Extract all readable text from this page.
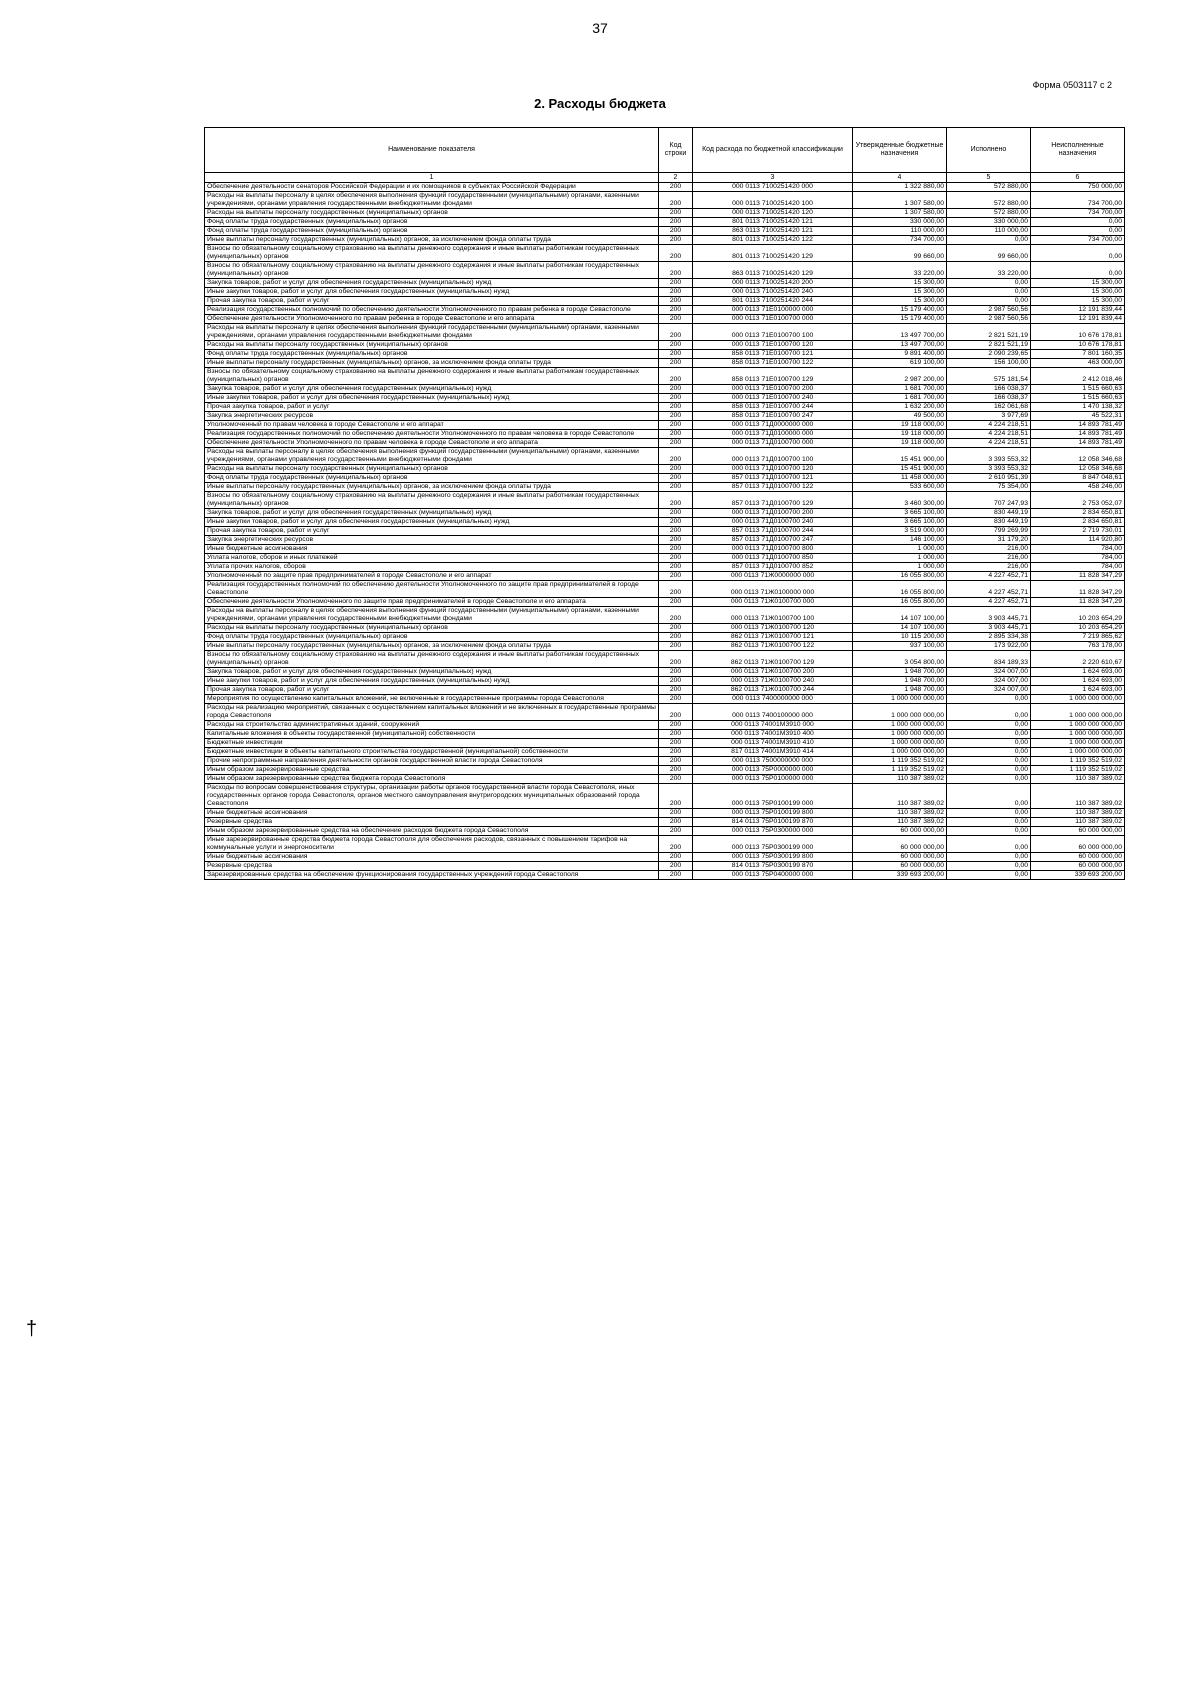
37
Форма 0503117 с 2
2. Расходы бюджета
†
Наименование показателя	Код строки	Код расхода по бюджетной классификации	Утвержденные бюджетные назначения	Исполнено	Неисполненные назначения
1	2	3	4	5	6
Обеспечение деятельности сенаторов Российской Федерации и их помощников в субъектах Российской Федерации	200	000 0113 7100251420 000	1 322 880,00	572 880,00	750 000,00
Расходы на выплаты персоналу в целях обеспечения выполнения функций государственными (муниципальными) органами, казенными учреждениями, органами управления государственными внебюджетными фондами	200	000 0113 7100251420 100	1 307 580,00	572 880,00	734 700,00
Расходы на выплаты персоналу государственных (муниципальных) органов	200	000 0113 7100251420 120	1 307 580,00	572 880,00	734 700,00
Фонд оплаты труда государственных (муниципальных) органов	200	801 0113 7100251420 121	330 000,00	330 000,00	0,00
Фонд оплаты труда государственных (муниципальных) органов	200	863 0113 7100251420 121	110 000,00	110 000,00	0,00
Иные выплаты персоналу государственных (муниципальных) органов, за исключением фонда оплаты труда	200	801 0113 7100251420 122	734 700,00	0,00	734 700,00
Взносы по обязательному социальному страхованию на выплаты денежного содержания и иные выплаты работникам государственных (муниципальных) органов	200	801 0113 7100251420 129	99 660,00	99 660,00	0,00
Взносы по обязательному социальному страхованию на выплаты денежного содержания и иные выплаты работникам государственных (муниципальных) органов	200	863 0113 7100251420 129	33 220,00	33 220,00	0,00
Закупка товаров, работ и услуг для обеспечения государственных (муниципальных) нужд	200	000 0113 7100251420 200	15 300,00	0,00	15 300,00
Иные закупки товаров, работ и услуг для обеспечения государственных (муниципальных) нужд	200	000 0113 7100251420 240	15 300,00	0,00	15 300,00
Прочая закупка товаров, работ и услуг	200	801 0113 7100251420 244	15 300,00	0,00	15 300,00
Реализация государственных полномочий по обеспечению деятельности Уполномоченного по правам ребенка в городе Севастополе	200	000 0113 71Е0100000 000	15 179 400,00	2 987 560,56	12 191 839,44
Обеспечение деятельности Уполномоченного по правам ребенка в городе Севастополе и его аппарата	200	000 0113 71Е0100700 000	15 179 400,00	2 987 560,56	12 191 839,44
Расходы на выплаты персоналу в целях обеспечения выполнения функций государственными (муниципальными) органами, казенными учреждениями, органами управления государственными внебюджетными фондами	200	000 0113 71Е0100700 100	13 497 700,00	2 821 521,19	10 676 178,81
Расходы на выплаты персоналу государственных (муниципальных) органов	200	000 0113 71Е0100700 120	13 497 700,00	2 821 521,19	10 676 178,81
Фонд оплаты труда государственных (муниципальных) органов	200	858 0113 71Е0100700 121	9 891 400,00	2 090 239,65	7 801 160,35
Иные выплаты персоналу государственных (муниципальных) органов, за исключением фонда оплаты труда	200	858 0113 71Е0100700 122	619 100,00	156 100,00	463 000,00
Взносы по обязательному социальному страхованию на выплаты денежного содержания и иные выплаты работникам государственных (муниципальных) органов	200	858 0113 71Е0100700 129	2 987 200,00	575 181,54	2 412 018,46
Закупка товаров, работ и услуг для обеспечения государственных (муниципальных) нужд	200	000 0113 71Е0100700 200	1 681 700,00	166 038,37	1 515 660,63
Иные закупки товаров, работ и услуг для обеспечения государственных (муниципальных) нужд	200	000 0113 71Е0100700 240	1 681 700,00	166 038,37	1 515 660,63
Прочая закупка товаров, работ и услуг	200	858 0113 71Е0100700 244	1 632 200,00	162 061,68	1 470 138,32
Закупка энергетических ресурсов	200	858 0113 71Е0100700 247	49 500,00	3 977,69	45 522,31
Уполномоченный по правам человека в городе Севастополе и его аппарат	200	000 0113 71Д0000000 000	19 118 000,00	4 224 218,51	14 893 781,49
Реализация государственных полномочий по обеспечению деятельности Уполномоченного по правам человека в городе Севастополе	200	000 0113 71Д0100000 000	19 118 000,00	4 224 218,51	14 893 781,49
Обеспечение деятельности Уполномоченного по правам человека в городе Севастополе и его аппарата	200	000 0113 71Д0100700 000	19 118 000,00	4 224 218,51	14 893 781,49
Расходы на выплаты персоналу в целях обеспечения выполнения функций государственными (муниципальными) органами, казенными учреждениями, органами управления государственными внебюджетными фондами	200	000 0113 71Д0100700 100	15 451 900,00	3 393 553,32	12 058 346,68
Расходы на выплаты персоналу государственных (муниципальных) органов	200	000 0113 71Д0100700 120	15 451 900,00	3 393 553,32	12 058 346,68
Фонд оплаты труда государственных (муниципальных) органов	200	857 0113 71Д0100700 121	11 458 000,00	2 610 951,39	8 847 048,61
Иные выплаты персоналу государственных (муниципальных) органов, за исключением фонда оплаты труда	200	857 0113 71Д0100700 122	533 600,00	75 354,00	458 246,00
Взносы по обязательному социальному страхованию на выплаты денежного содержания и иные выплаты работникам государственных (муниципальных) органов	200	857 0113 71Д0100700 129	3 460 300,00	707 247,93	2 753 052,07
Закупка товаров, работ и услуг для обеспечения государственных (муниципальных) нужд	200	000 0113 71Д0100700 200	3 665 100,00	830 449,19	2 834 650,81
Иные закупки товаров, работ и услуг для обеспечения государственных (муниципальных) нужд	200	000 0113 71Д0100700 240	3 665 100,00	830 449,19	2 834 650,81
Прочая закупка товаров, работ и услуг	200	857 0113 71Д0100700 244	3 519 000,00	799 269,99	2 719 730,01
Закупка энергетических ресурсов	200	857 0113 71Д0100700 247	146 100,00	31 179,20	114 920,80
Иные бюджетные ассигнования	200	000 0113 71Д0100700 800	1 000,00	216,00	784,00
Уплата налогов, сборов и иных платежей	200	000 0113 71Д0100700 850	1 000,00	216,00	784,00
Уплата прочих налогов, сборов	200	857 0113 71Д0100700 852	1 000,00	216,00	784,00
Уполномоченный по защите прав предпринимателей в городе Севастополе и его аппарат	200	000 0113 71Ж0000000 000	16 055 800,00	4 227 452,71	11 828 347,29
Реализация государственных полномочий по обеспечению деятельности Уполномоченного по защите прав предпринимателей в городе Севастополе	200	000 0113 71Ж0100000 000	16 055 800,00	4 227 452,71	11 828 347,29
Обеспечение деятельности Уполномоченного по защите прав предпринимателей в городе Севастополе и его аппарата	200	000 0113 71Ж0100700 000	16 055 800,00	4 227 452,71	11 828 347,29
Расходы на выплаты персоналу в целях обеспечения выполнения функций государственными (муниципальными) органами, казенными учреждениями, органами управления государственными внебюджетными фондами	200	000 0113 71Ж0100700 100	14 107 100,00	3 903 445,71	10 203 654,29
Расходы на выплаты персоналу государственных (муниципальных) органов	200	000 0113 71Ж0100700 120	14 107 100,00	3 903 445,71	10 203 654,29
Фонд оплаты труда государственных (муниципальных) органов	200	862 0113 71Ж0100700 121	10 115 200,00	2 895 334,38	7 219 865,62
Иные выплаты персоналу государственных (муниципальных) органов, за исключением фонда оплаты труда	200	862 0113 71Ж0100700 122	937 100,00	173 922,00	763 178,00
Взносы по обязательному социальному страхованию на выплаты денежного содержания и иные выплаты работникам государственных (муниципальных) органов	200	862 0113 71Ж0100700 129	3 054 800,00	834 189,33	2 220 610,67
Закупка товаров, работ и услуг для обеспечения государственных (муниципальных) нужд	200	000 0113 71Ж0100700 200	1 948 700,00	324 007,00	1 624 693,00
Иные закупки товаров, работ и услуг для обеспечения государственных (муниципальных) нужд	200	000 0113 71Ж0100700 240	1 948 700,00	324 007,00	1 624 693,00
Прочая закупка товаров, работ и услуг	200	862 0113 71Ж0100700 244	1 948 700,00	324 007,00	1 624 693,00
Мероприятия по осуществлению капитальных вложений, не включенные в государственные программы города Севастополя	200	000 0113 7400000000 000	1 000 000 000,00	0,00	1 000 000 000,00
Расходы на реализацию мероприятий, связанных с осуществлением капитальных вложений и не включенных в государственные программы города Севастополя	200	000 0113 7400100000 000	1 000 000 000,00	0,00	1 000 000 000,00
Расходы на строительство административных зданий, сооружений	200	000 0113 74001М3910 000	1 000 000 000,00	0,00	1 000 000 000,00
Капитальные вложения в объекты государственной (муниципальной) собственности	200	000 0113 74001М3910 400	1 000 000 000,00	0,00	1 000 000 000,00
Бюджетные инвестиции	200	000 0113 74001М3910 410	1 000 000 000,00	0,00	1 000 000 000,00
Бюджетные инвестиции в объекты капитального строительства государственной (муниципальной) собственности	200	817 0113 74001М3910 414	1 000 000 000,00	0,00	1 000 000 000,00
Прочие непрограммные направления деятельности органов государственной власти города Севастополя	200	000 0113 7500000000 000	1 119 352 519,02	0,00	1 119 352 519,02
Иным образом зарезервированные средства	200	000 0113 75Р0000000 000	1 119 352 519,02	0,00	1 119 352 519,02
Иным образом зарезервированные средства бюджета города Севастополя	200	000 0113 75Р0100000 000	110 387 389,02	0,00	110 387 389,02
Расходы по вопросам совершенствования структуры, организации работы органов государственной власти города Севастополя, иных государственных органов города Севастополя, органов местного самоуправления внутригородских муниципальных образований города Севастополя	200	000 0113 75Р0100199 000	110 387 389,02	0,00	110 387 389,02
Иные бюджетные ассигнования	200	000 0113 75Р0100199 800	110 387 389,02	0,00	110 387 389,02
Резервные средства	200	814 0113 75Р0100199 870	110 387 389,02	0,00	110 387 389,02
Иным образом зарезервированные средства на обеспечение расходов бюджета города Севастополя	200	000 0113 75Р0300000 000	60 000 000,00	0,00	60 000 000,00
Иные зарезервированные средства бюджета города Севастополя для обеспечения расходов, связанных с повышением тарифов на коммунальные услуги и энергоносители	200	000 0113 75Р0300199 000	60 000 000,00	0,00	60 000 000,00
Иные бюджетные ассигнования	200	000 0113 75Р0300199 800	60 000 000,00	0,00	60 000 000,00
Резервные средства	200	814 0113 75Р0300199 870	60 000 000,00	0,00	60 000 000,00
Зарезервированные средства на обеспечение функционирования государственных учреждений города Севастополя	200	000 0113 75Р0400000 000	339 693 200,00	0,00	339 693 200,00
